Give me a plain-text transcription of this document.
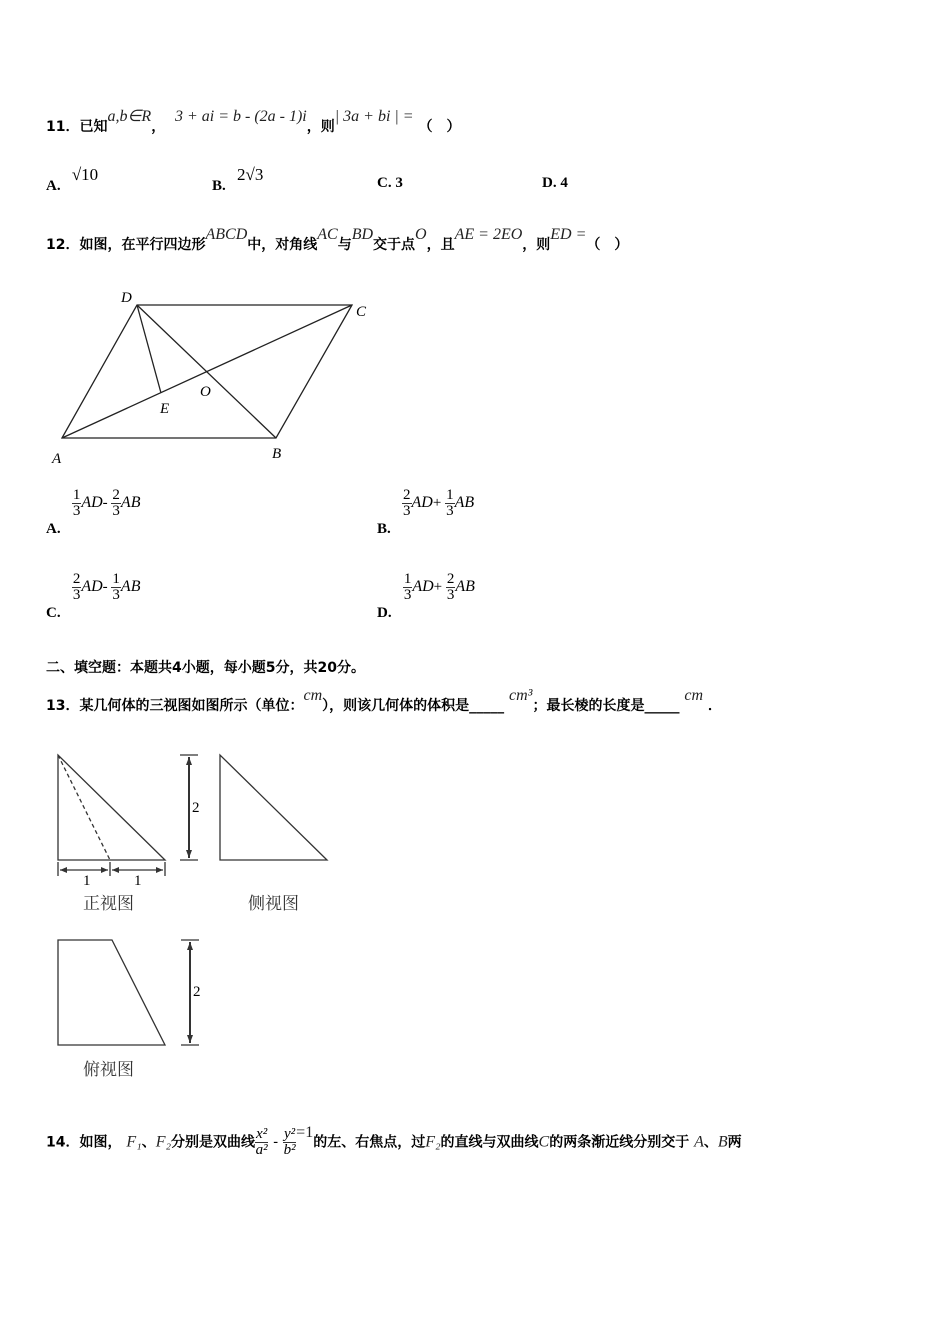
11．已知a,b∈R，  3 + ai = b - (2a - 1)i，则| 3a + bi | = （　）
A.   √10
B.   2√3	C. 3	D. 4
12．如图，在平行四边形ABCD中，对角线AC与BD交于点O，且AE = 2EO，则ED =（　）
D
C
O
E
A	B
1	1
2
2
正视图	侧视图
俯视图
A.
$\frac{1}{3} AD- \frac{2}{3}$ AB
B.
$\frac{2}{3} AD+ \frac{1}{3}$ AB
C.
$\frac{2}{3} AD- \frac{1}{3}$ AB
D.
$\frac{1}{3} AD+ \frac{2}{3}$ AB
二、填空题：本题共4小题，每小题5分，共20分。
13．某几何体的三视图如图所示（单位：cm），则该几何体的体积是_____ cm³；最长棱的长度是_____ cm ．
14．如图， F₁、F₂分别是双曲线 $\frac{\text{x²}}{\text{a²}} - \frac{\text{y²}}{\text{b²}} =1$的左、右焦点，过F₂的直线与双曲线C的两条渐近线分别交于 A、B两
